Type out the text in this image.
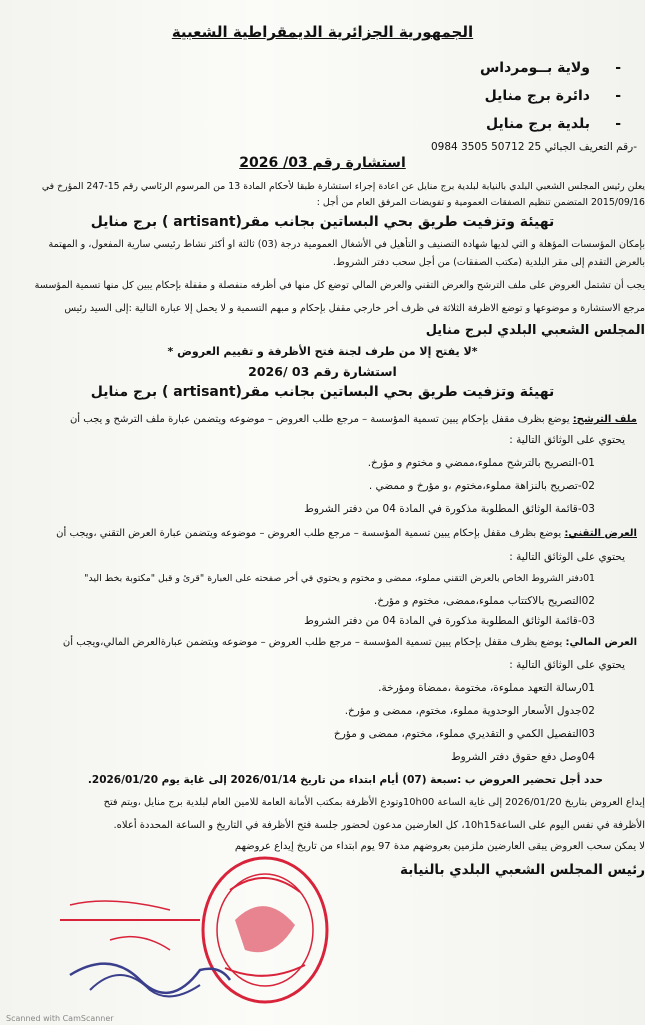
الجمهورية الجزائرية الديمقراطية الشعبية
-
ولاية بــومرداس
-
دائرة برج منايل
-
بلدية برج منايل
-رقم التعريف الجبائي 25 50712 3505 0984
استشارة رقم 03/ 2026
يعلن رئيس المجلس الشعبي البلدي بالنيابة لبلدية برج منايل عن اعادة إجراء استشارة طبقا لأحكام المادة 13 من المرسوم الرئاسي رقم 15-247 المؤرخ في
2015/09/16 المتضمن تنظيم الصفقات العمومية و تفويضات المرفق العام من أجل :
تهيئة وتزفيت طريق بحي البساتين بجانب مقر(artisant ) برج منايل
بإمكان المؤسسات المؤهلة و التي لديها شهادة التصنيف و التأهيل في الأشغال العمومية درجة (03) ثالثة او أكثر نشاط رئيسي سارية المفعول، و المهتمة
بالعرض التقدم إلى مقر البلدية (مكتب الصفقات) من أجل سحب دفتر الشروط.
يجب أن تشتمل العروض على ملف الترشح والعرض التقني والعرض المالي توضع كل منها في أظرفه منفصلة و مقفلة بإحكام يبين كل منها تسمية المؤسسة
مرجع الاستشارة و موضوعها و توضع الاظرفة الثلاثة في ظرف أخر خارجي مقفل بإحكام و مبهم التسمية و لا يحمل إلا عبارة التالية :إلى السيد رئيس
المجلس الشعبي البلدي لبرج منايل
*لا يفتح إلا من طرف لجنة فتح الأظرفة و تقييم العروض *
استشارة رقم 03 /2026
تهيئة وتزفيت طريق بحي البساتين بجانب مقر(artisant ) برج منايل
ملف الترشح: يوضع بظرف مقفل بإحكام يبين تسمية المؤسسة – مرجع طلب العروض – موضوعه ويتضمن عبارة ملف الترشح و يجب أن
يحتوي على الوثائق التالية :
01-التصريح بالترشح مملوء،ممضي و مختوم و مؤرخ.
02-تصريح بالنزاهة مملوء،مختوم ،و مؤرخ و ممضي .
03-قائمة الوثائق المطلوبة مذكورة في المادة 04 من دفتر الشروط
العرض التقني: يوضع بظرف مقفل بإحكام يبين تسمية المؤسسة – مرجع طلب العروض – موضوعه ويتضمن عبارة العرض التقني ،ويجب أن
يحتوي على الوثائق التالية :
01دفتر الشروط الخاص بالعرض التقني مملوء، ممضى و مختوم و يحتوي في أخر صفحته على العبارة "قرئ و قبل "مكتوبة بخط اليد"
02التصريح بالاكتتاب مملوء،ممضى، مختوم و مؤرخ.
03-قائمة الوثائق المطلوبة مذكورة في المادة 04 من دفتر الشروط
العرض المالي: يوضع بظرف مقفل بإحكام يبين تسمية المؤسسة – مرجع طلب العروض – موضوعه ويتضمن عبارةالعرض المالي،ويجب أن
يحتوي على الوثائق التالية :
01رسالة التعهد مملوءة، مختومة ،ممضاة ومؤرخة.
02جدول الأسعار الوحدوية مملوء، مختوم، ممضى و مؤرخ.
03التفصيل الكمي و التقديري مملوء، مختوم، ممضى و مؤرخ
04وصل دفع حقوق دفتر الشروط
حدد أجل تحضير العروض ب :سبعة (07) أيام ابتداء من تاريخ 2026/01/14 إلى غاية يوم 2026/01/20.
إيداع العروض بتاريخ 2026/01/20 إلى غاية الساعة 10h00وتودع الأظرفة بمكتب الأمانة العامة للامين العام لبلدية برج منايل ،ويتم فتح
الأظرفة في نفس اليوم على الساعة10h15، كل العارضين مدعون لحضور جلسة فتح الأظرفة في التاريخ و الساعة المحددة أعلاه.
لا يمكن سحب العروض يبقى العارضين ملزمين بعروضهم مدة 97 يوم ابتداء من تاريخ إيداع عروضهم
رئيس المجلس الشعبي البلدي بالنيابة
Scanned with CamScanner
